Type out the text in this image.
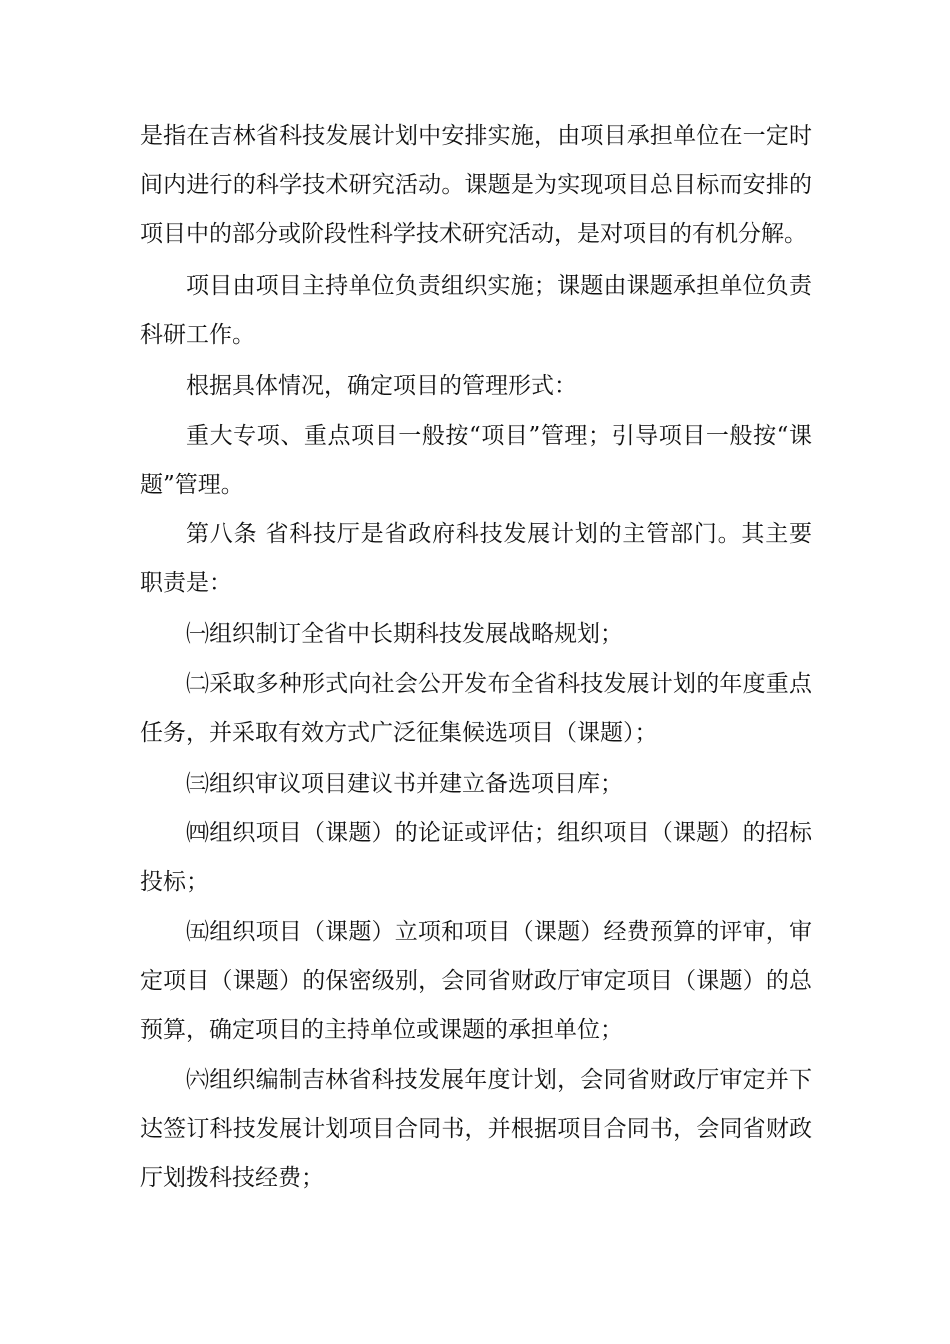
是指在吉林省科技发展计划中安排实施，由项目承担单位在一定时间内进行的科学技术研究活动。课题是为实现项目总目标而安排的项目中的部分或阶段性科学技术研究活动，是对项目的有机分解。

项目由项目主持单位负责组织实施；课题由课题承担单位负责科研工作。

根据具体情况，确定项目的管理形式：

重大专项、重点项目一般按“项目”管理；引导项目一般按“课题”管理。

第八条 省科技厅是省政府科技发展计划的主管部门。其主要职责是：

㈠组织制订全省中长期科技发展战略规划；

㈡采取多种形式向社会公开发布全省科技发展计划的年度重点任务，并采取有效方式广泛征集候选项目（课题）；

㈢组织审议项目建议书并建立备选项目库；

㈣组织项目（课题）的论证或评估；组织项目（课题）的招标投标；

㈤组织项目（课题）立项和项目（课题）经费预算的评审，审定项目（课题）的保密级别，会同省财政厅审定项目（课题）的总预算，确定项目的主持单位或课题的承担单位；

㈥组织编制吉林省科技发展年度计划，会同省财政厅审定并下达签订科技发展计划项目合同书，并根据项目合同书，会同省财政厅划拨科技经费；
